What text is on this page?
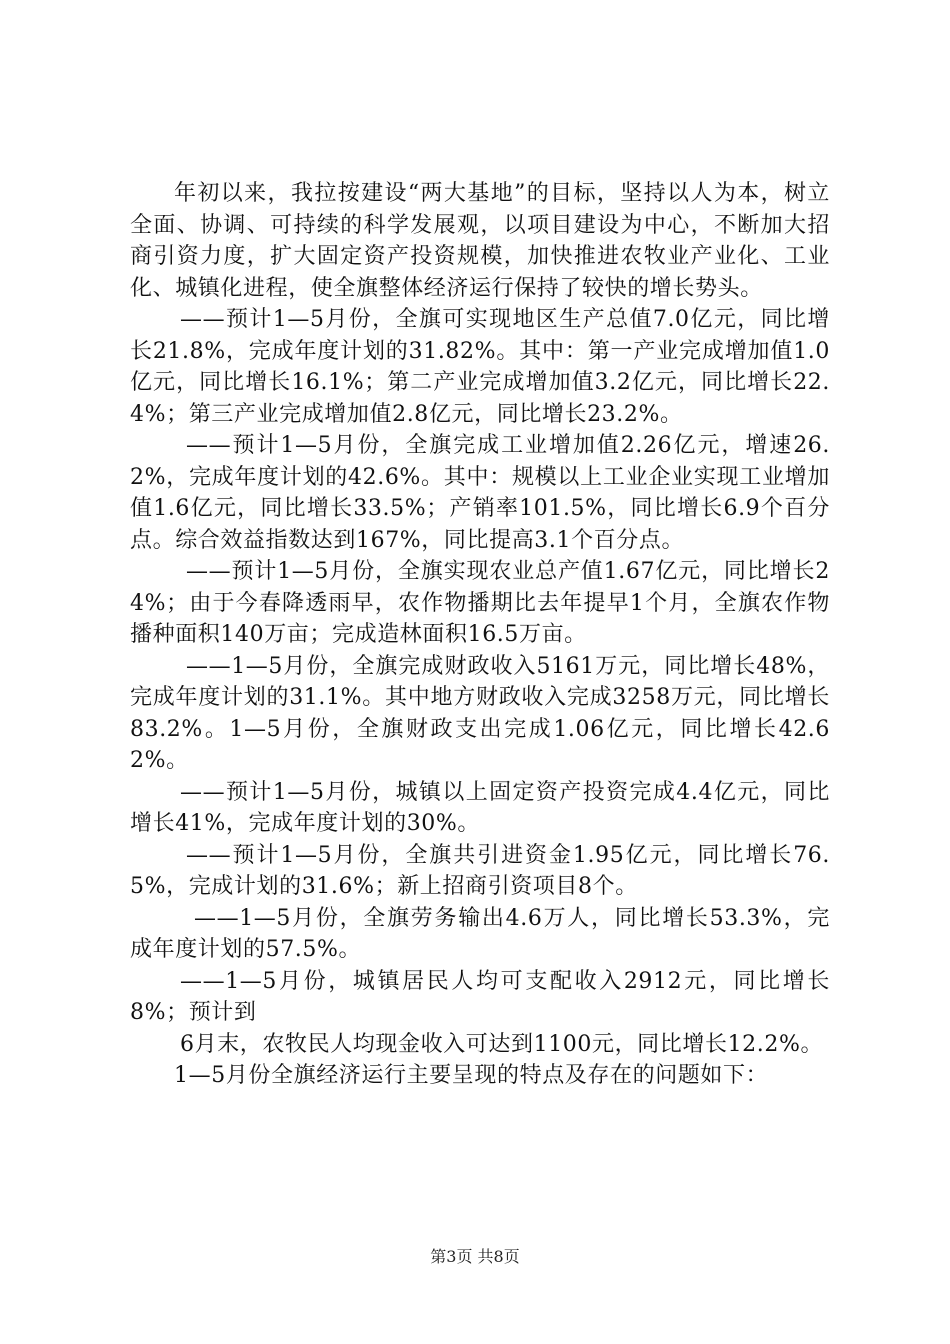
年初以来，我拉按建设“两大基地”的目标，坚持以人为本，树立全面、协调、可持续的科学发展观，以项目建设为中心，不断加大招商引资力度，扩大固定资产投资规模，加快推进农牧业产业化、工业化、城镇化进程，使全旗整体经济运行保持了较快的增长势头。

——预计1—5月份，全旗可实现地区生产总值7.0亿元，同比增长21.8%，完成年度计划的31.82%。其中：第一产业完成增加值1.0亿元，同比增长16.1%；第二产业完成增加值3.2亿元，同比增长22.4%；第三产业完成增加值2.8亿元，同比增长23.2%。

——预计1—5月份，全旗完成工业增加值2.26亿元，增速26.2%，完成年度计划的42.6%。其中：规模以上工业企业实现工业增加值1.6亿元，同比增长33.5%；产销率101.5%，同比增长6.9个百分点。综合效益指数达到167%，同比提高3.1个百分点。

——预计1—5月份，全旗实现农业总产值1.67亿元，同比增长24%；由于今春降透雨早，农作物播期比去年提早1个月，全旗农作物播种面积140万亩；完成造林面积16.5万亩。

——1—5月份，全旗完成财政收入5161万元，同比增长48%，完成年度计划的31.1%。其中地方财政收入完成3258万元，同比增长83.2%。1—5月份，全旗财政支出完成1.06亿元，同比增长42.62%。

——预计1—5月份，城镇以上固定资产投资完成4.4亿元，同比增长41%，完成年度计划的30%。

——预计1—5月份，全旗共引进资金1.95亿元，同比增长76.5%，完成计划的31.6%；新上招商引资项目8个。

——1—5月份，全旗劳务输出4.6万人，同比增长53.3%，完成年度计划的57.5%。

——1—5月份，城镇居民人均可支配收入2912元，同比增长8%；预计到

6月末，农牧民人均现金收入可达到1100元，同比增长12.2%。

1—5月份全旗经济运行主要呈现的特点及存在的问题如下：

第3页 共8页
